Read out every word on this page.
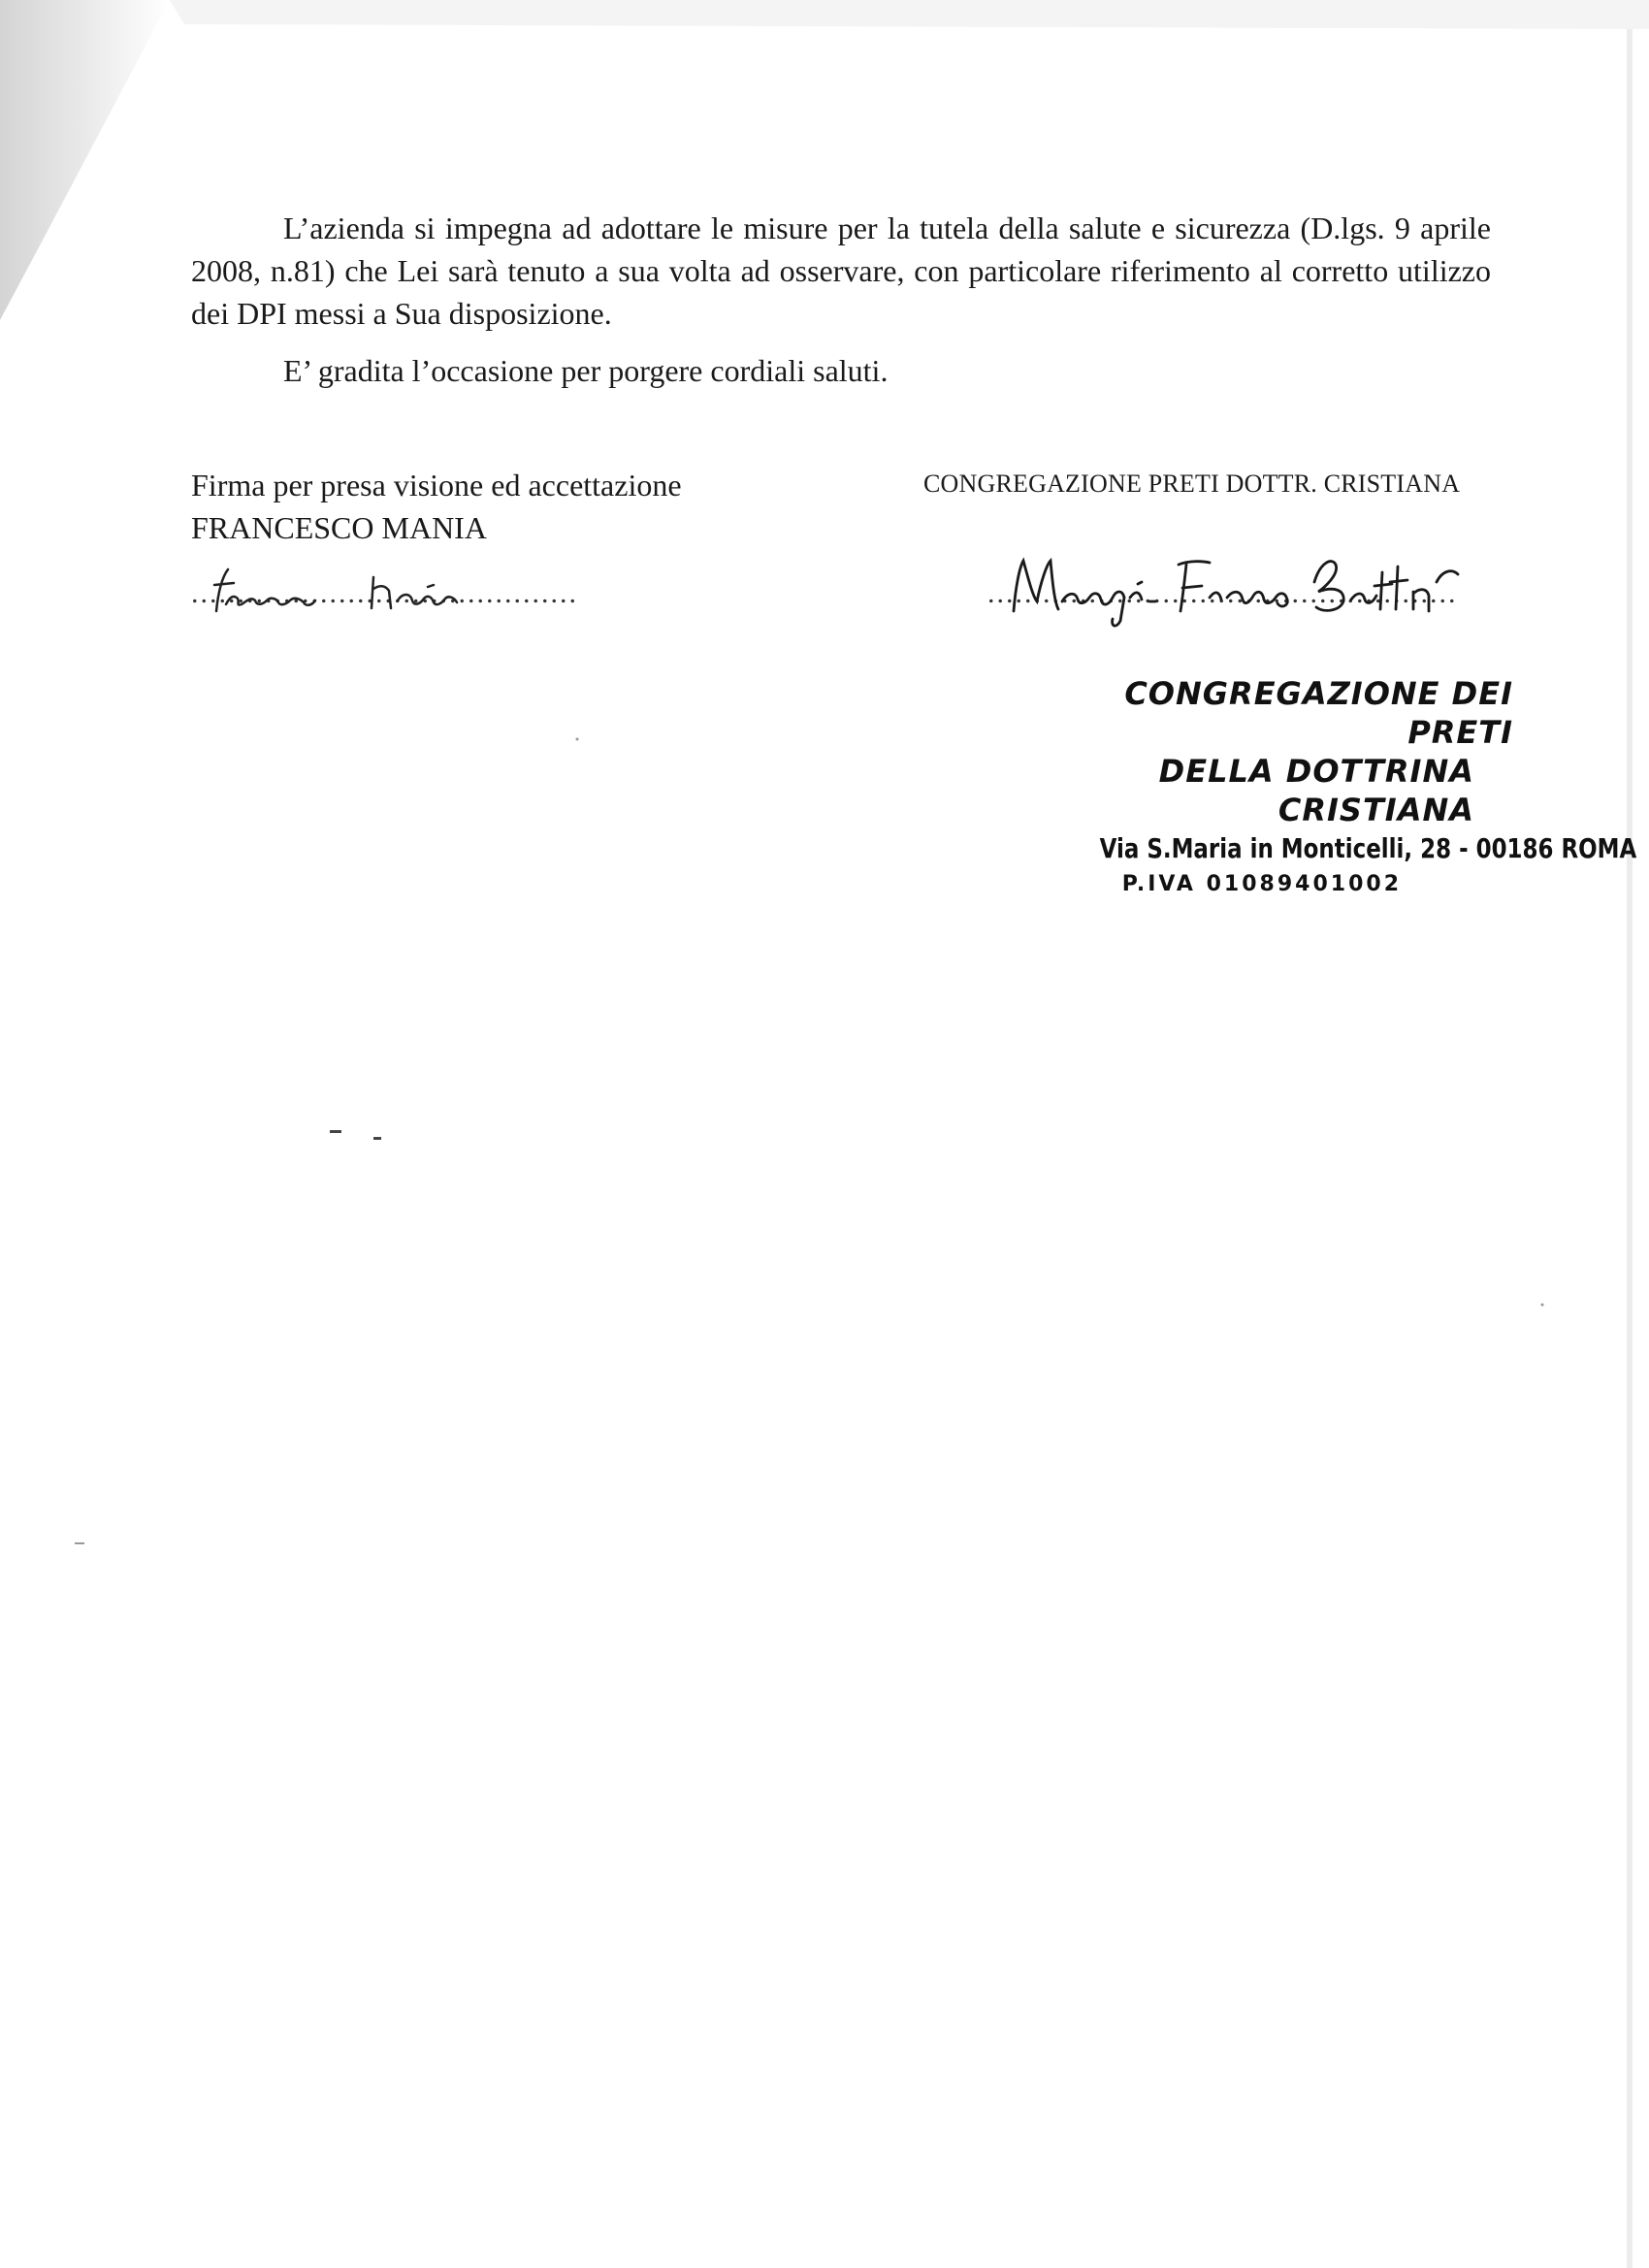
L’azienda si impegna ad adottare le misure per la tutela della salute e sicurezza (D.lgs. 9 aprile 2008, n.81) che Lei sarà tenuto a sua volta ad osservare, con particolare riferimento al corretto utilizzo dei DPI messi a Sua disposizione.

E’ gradita l’occasione per porgere cordiali saluti.

Firma per presa visione ed accettazione
FRANCESCO MANIA
CONGREGAZIONE PRETI DOTTR. CRISTIANA
..........................................	...................................................
CONGREGAZIONE DEI PRETI
DELLA DOTTRINA CRISTIANA
Via S.Maria in Monticelli, 28 - 00186 ROMA
P.IVA 01089401002
